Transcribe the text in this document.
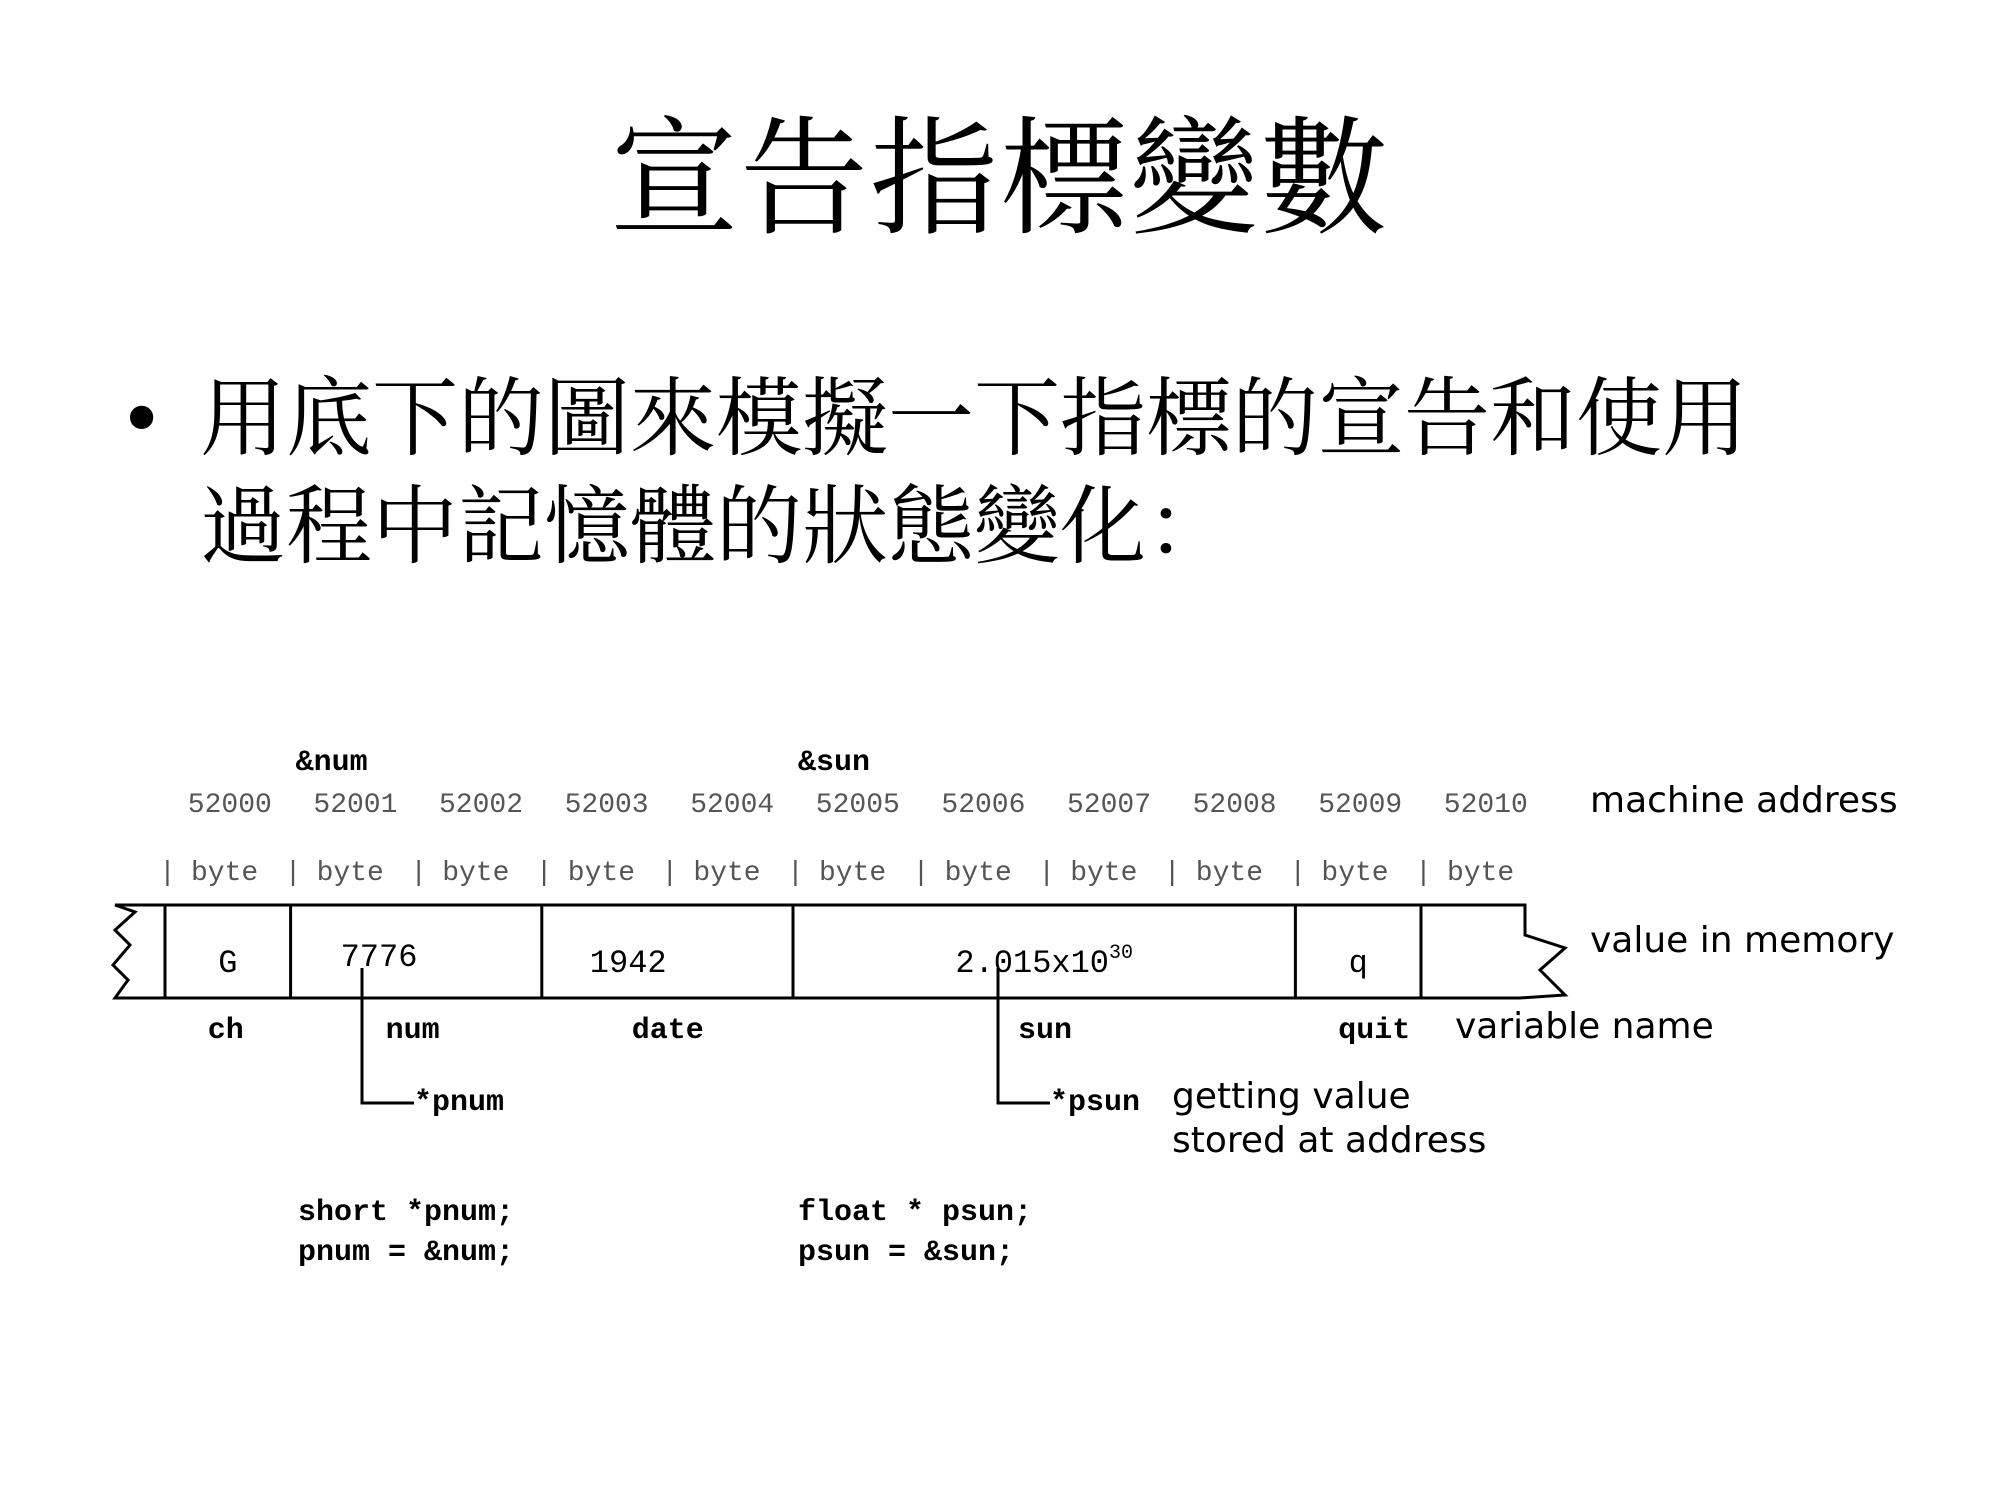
宣告指標變數
• 用底下的圖來模擬一下指標的宣告和使用
過程中記憶體的狀態變化：
&num	&sun
52000 52001 52002 52003 52004 52005 52006 52007 52008 52009 52010
| byte | byte | byte | byte | byte | byte | byte | byte | byte | byte | byte
G	7776	1942	$2.015x10^{30}$	q
ch	num	date	sun	quit
*pnum	*psun
machine address
value in memory
variable name
getting value
stored at address
short *pnum;
pnum = &num;
float * psun;
psun = &sun;
